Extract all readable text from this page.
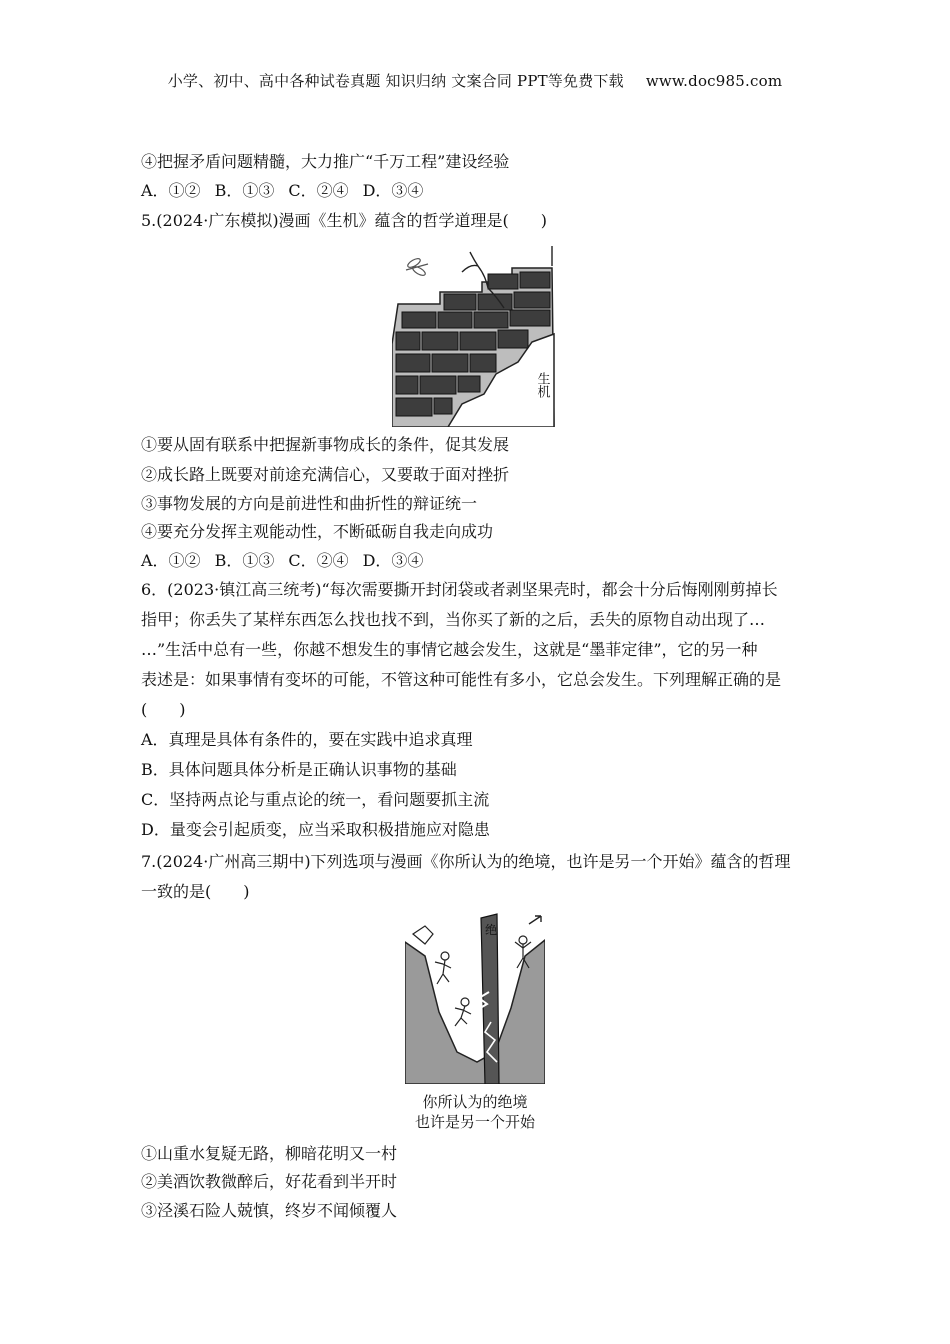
小学、初中、高中各种试卷真题 知识归纳 文案合同 PPT等免费下载 www.doc985.com
④把握矛盾问题精髓，大力推广“千万工程”建设经验
A．①② B．①③ C．②④ D．③④
5.(2024·广东模拟)漫画《生机》蕴含的哲学道理是(　　)
生机
①要从固有联系中把握新事物成长的条件，促其发展
②成长路上既要对前途充满信心，又要敢于面对挫折
③事物发展的方向是前进性和曲折性的辩证统一
④要充分发挥主观能动性，不断砥砺自我走向成功
A．①② B．①③ C．②④ D．③④
6．(2023·镇江高三统考)“每次需要撕开封闭袋或者剥坚果壳时，都会十分后悔刚刚剪掉长
指甲；你丢失了某样东西怎么找也找不到，当你买了新的之后，丢失的原物自动出现了…
…”生活中总有一些，你越不想发生的事情它越会发生，这就是“墨菲定律”，它的另一种
表述是：如果事情有变坏的可能，不管这种可能性有多小，它总会发生。下列理解正确的是
(　　)
A．真理是具体有条件的，要在实践中追求真理
B．具体问题具体分析是正确认识事物的基础
C．坚持两点论与重点论的统一，看问题要抓主流
D．量变会引起质变，应当采取积极措施应对隐患
7.(2024·广州高三期中)下列选项与漫画《你所认为的绝境，也许是另一个开始》蕴含的哲理
一致的是(　　)
绝
你所认为的绝境
也许是另一个开始
①山重水复疑无路，柳暗花明又一村
②美酒饮教微醉后，好花看到半开时
③泾溪石险人兢慎，终岁不闻倾覆人
